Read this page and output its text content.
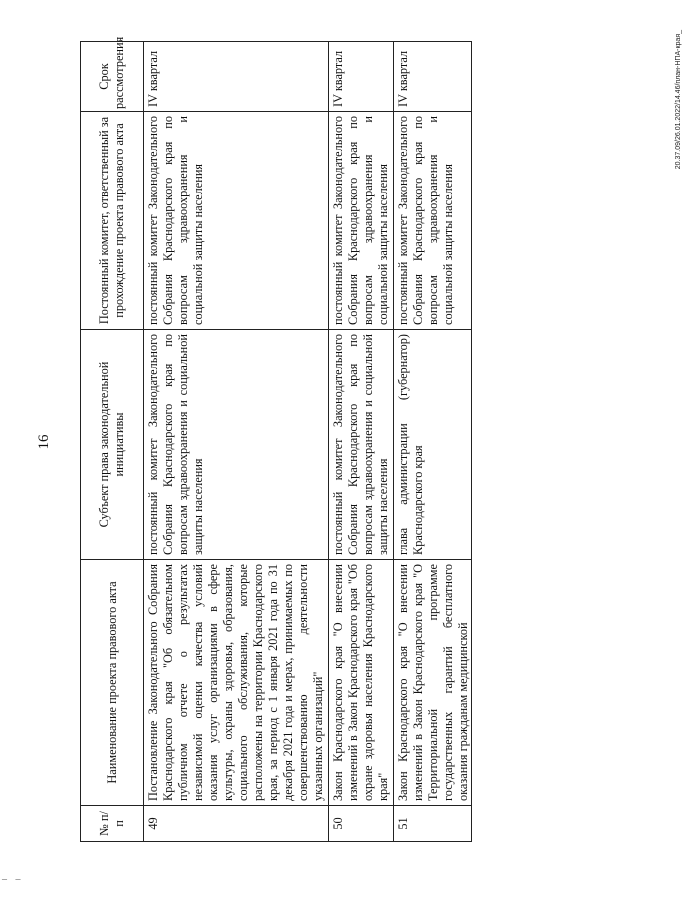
16
№ п/п	Наименование проекта правового акта	Субъект права законодательной инициативы	Постоянный комитет, ответственный за прохождение проекта правового акта	Срок рассмотрения
49	Постановление Законодательного Собрания Краснодарского края "Об обязательном публичном отчете о результатах независимой оценки качества условий оказания услуг организациями в сфере культуры, охраны здоровья, образования, социального обслуживания, которые расположены на территории Краснодарского края, за период с 1 января 2021 года по 31 декабря 2021 года и мерах, принимаемых по совершенствованию деятельности указанных организаций"	постоянный комитет Законодательного Собрания Краснодарского края по вопросам здравоохранения и социальной защиты населения	постоянный комитет Законодательного Собрания Краснодарского края по вопросам здравоохранения и социальной защиты населения	IV квартал
50	Закон Краснодарского края "О внесении изменений в Закон Краснодарского края "Об охране здоровья населения Краснодарского края"	постоянный комитет Законодательного Собрания Краснодарского края по вопросам здравоохранения и социальной защиты населения	постоянный комитет Законодательного Собрания Краснодарского края по вопросам здравоохранения и социальной защиты населения	IV квартал

51	Закон Краснодарского края "О внесении изменений в Закон Краснодарского края "О Территориальной программе государственных гарантий бесплатного оказания гражданам медицинской	глава администрации (губернатор) Краснодарского края	постоянный комитет Законодательного Собрания Краснодарского края по вопросам здравоохранения и социальной защиты населения	IV квартал	20.37.09/26.01.2022/14.46/план-НПА-края_
– –
